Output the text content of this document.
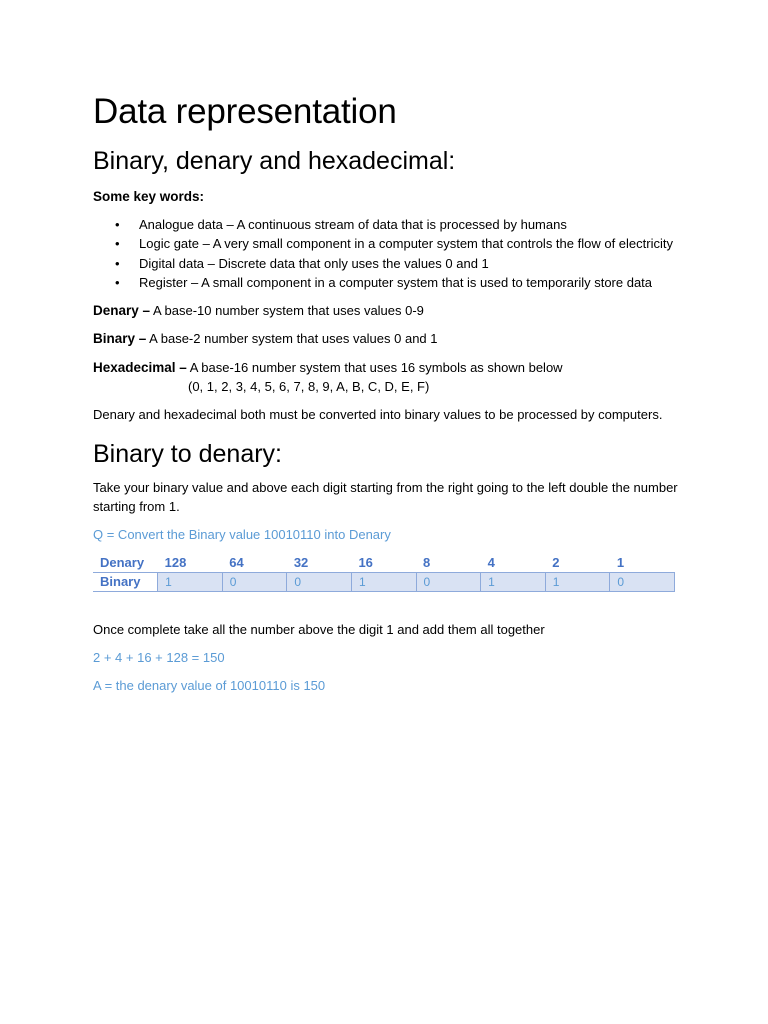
Data representation
Binary, denary and hexadecimal:
Some key words:
• Analogue data – A continuous stream of data that is processed by humans
• Logic gate – A very small component in a computer system that controls the flow of electricity
• Digital data – Discrete data that only uses the values 0 and 1
• Register – A small component in a computer system that is used to temporarily store data

Denary – A base-10 number system that uses values 0-9

Binary – A base-2 number system that uses values 0 and 1

Hexadecimal – A base-16 number system that uses 16 symbols as shown below

(0, 1, 2, 3, 4, 5, 6, 7, 8, 9, A, B, C, D, E, F)

Denary and hexadecimal both must be converted into binary values to be processed by computers.

Binary to denary:

Take your binary value and above each digit starting from the right going to the left double the number starting from 1.

Q = Convert the Binary value 10010110 into Denary

Denary	128	64	32	16	8	4	2	1
Binary	1	0	0	1	0	1	1	0

Once complete take all the number above the digit 1 and add them all together

2 + 4 + 16 + 128 = 150

A = the denary value of 10010110 is 150
